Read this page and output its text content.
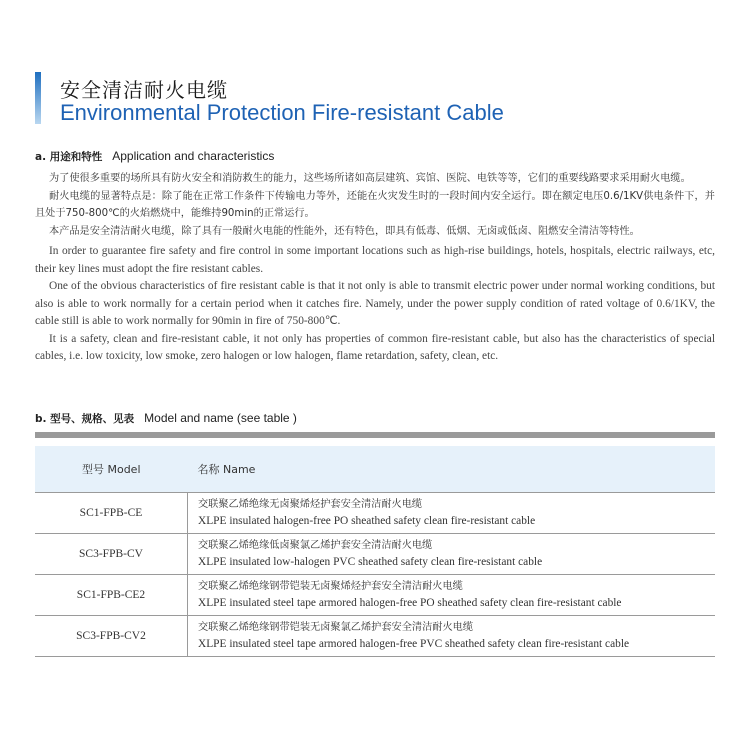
安全清洁耐火电缆
Environmental Protection Fire-resistant Cable
a. 用途和特性 Application and characteristics

为了使很多重要的场所具有防火安全和消防救生的能力，这些场所诸如高层建筑、宾馆、医院、电铁等等，它们的重要线路要求采用耐火电缆。

耐火电缆的显著特点是：除了能在正常工作条件下传输电力等外，还能在火灾发生时的一段时间内安全运行。即在额定电压0.6/1KV供电条件下，并且处于750-800℃的火焰燃烧中，能维持90min的正常运行。

本产品是安全清洁耐火电缆，除了具有一般耐火电能的性能外，还有特色，即具有低毒、低烟、无卤或低卤、阻燃安全清洁等特性。

In order to guarantee fire safety and fire control in some important locations such as high-rise buildings, hotels, hospitals, electric railways, etc, their key lines must adopt the fire resistant cables.

One of the obvious characteristics of fire resistant cable is that it not only is able to transmit electric power under normal working conditions, but also is able to work normally for a certain period when it catches fire. Namely, under the power supply condition of rated voltage of 0.6/1KV, the cable still is able to work normally for 90min in fire of 750-800℃.

It is a safety, clean and fire-resistant cable, it not only has properties of common fire-resistant cable, but also has the characteristics of special cables, i.e. low toxicity, low smoke, zero halogen or low halogen, flame retardation, safety, clean, etc.

b. 型号、规格、见表 Model and name (see table )
型号 Model	名称 Name
SC1-FPB-CE	交联聚乙烯绝缘无卤聚烯烃护套安全清洁耐火电缆
XLPE insulated halogen-free PO sheathed safety clean fire-resistant cable

SC3-FPB-CV	交联聚乙烯绝缘低卤聚氯乙烯护套安全清洁耐火电缆
XLPE insulated low-halogen PVC sheathed safety clean fire-resistant cable

SC1-FPB-CE2	交联聚乙烯绝缘钢带铠装无卤聚烯烃护套安全清洁耐火电缆
XLPE insulated steel tape armored halogen-free PO sheathed safety clean fire-resistant cable

SC3-FPB-CV2	交联聚乙烯绝缘钢带铠装无卤聚氯乙烯护套安全清洁耐火电缆
XLPE insulated steel tape armored halogen-free PVC sheathed safety clean fire-resistant cable
